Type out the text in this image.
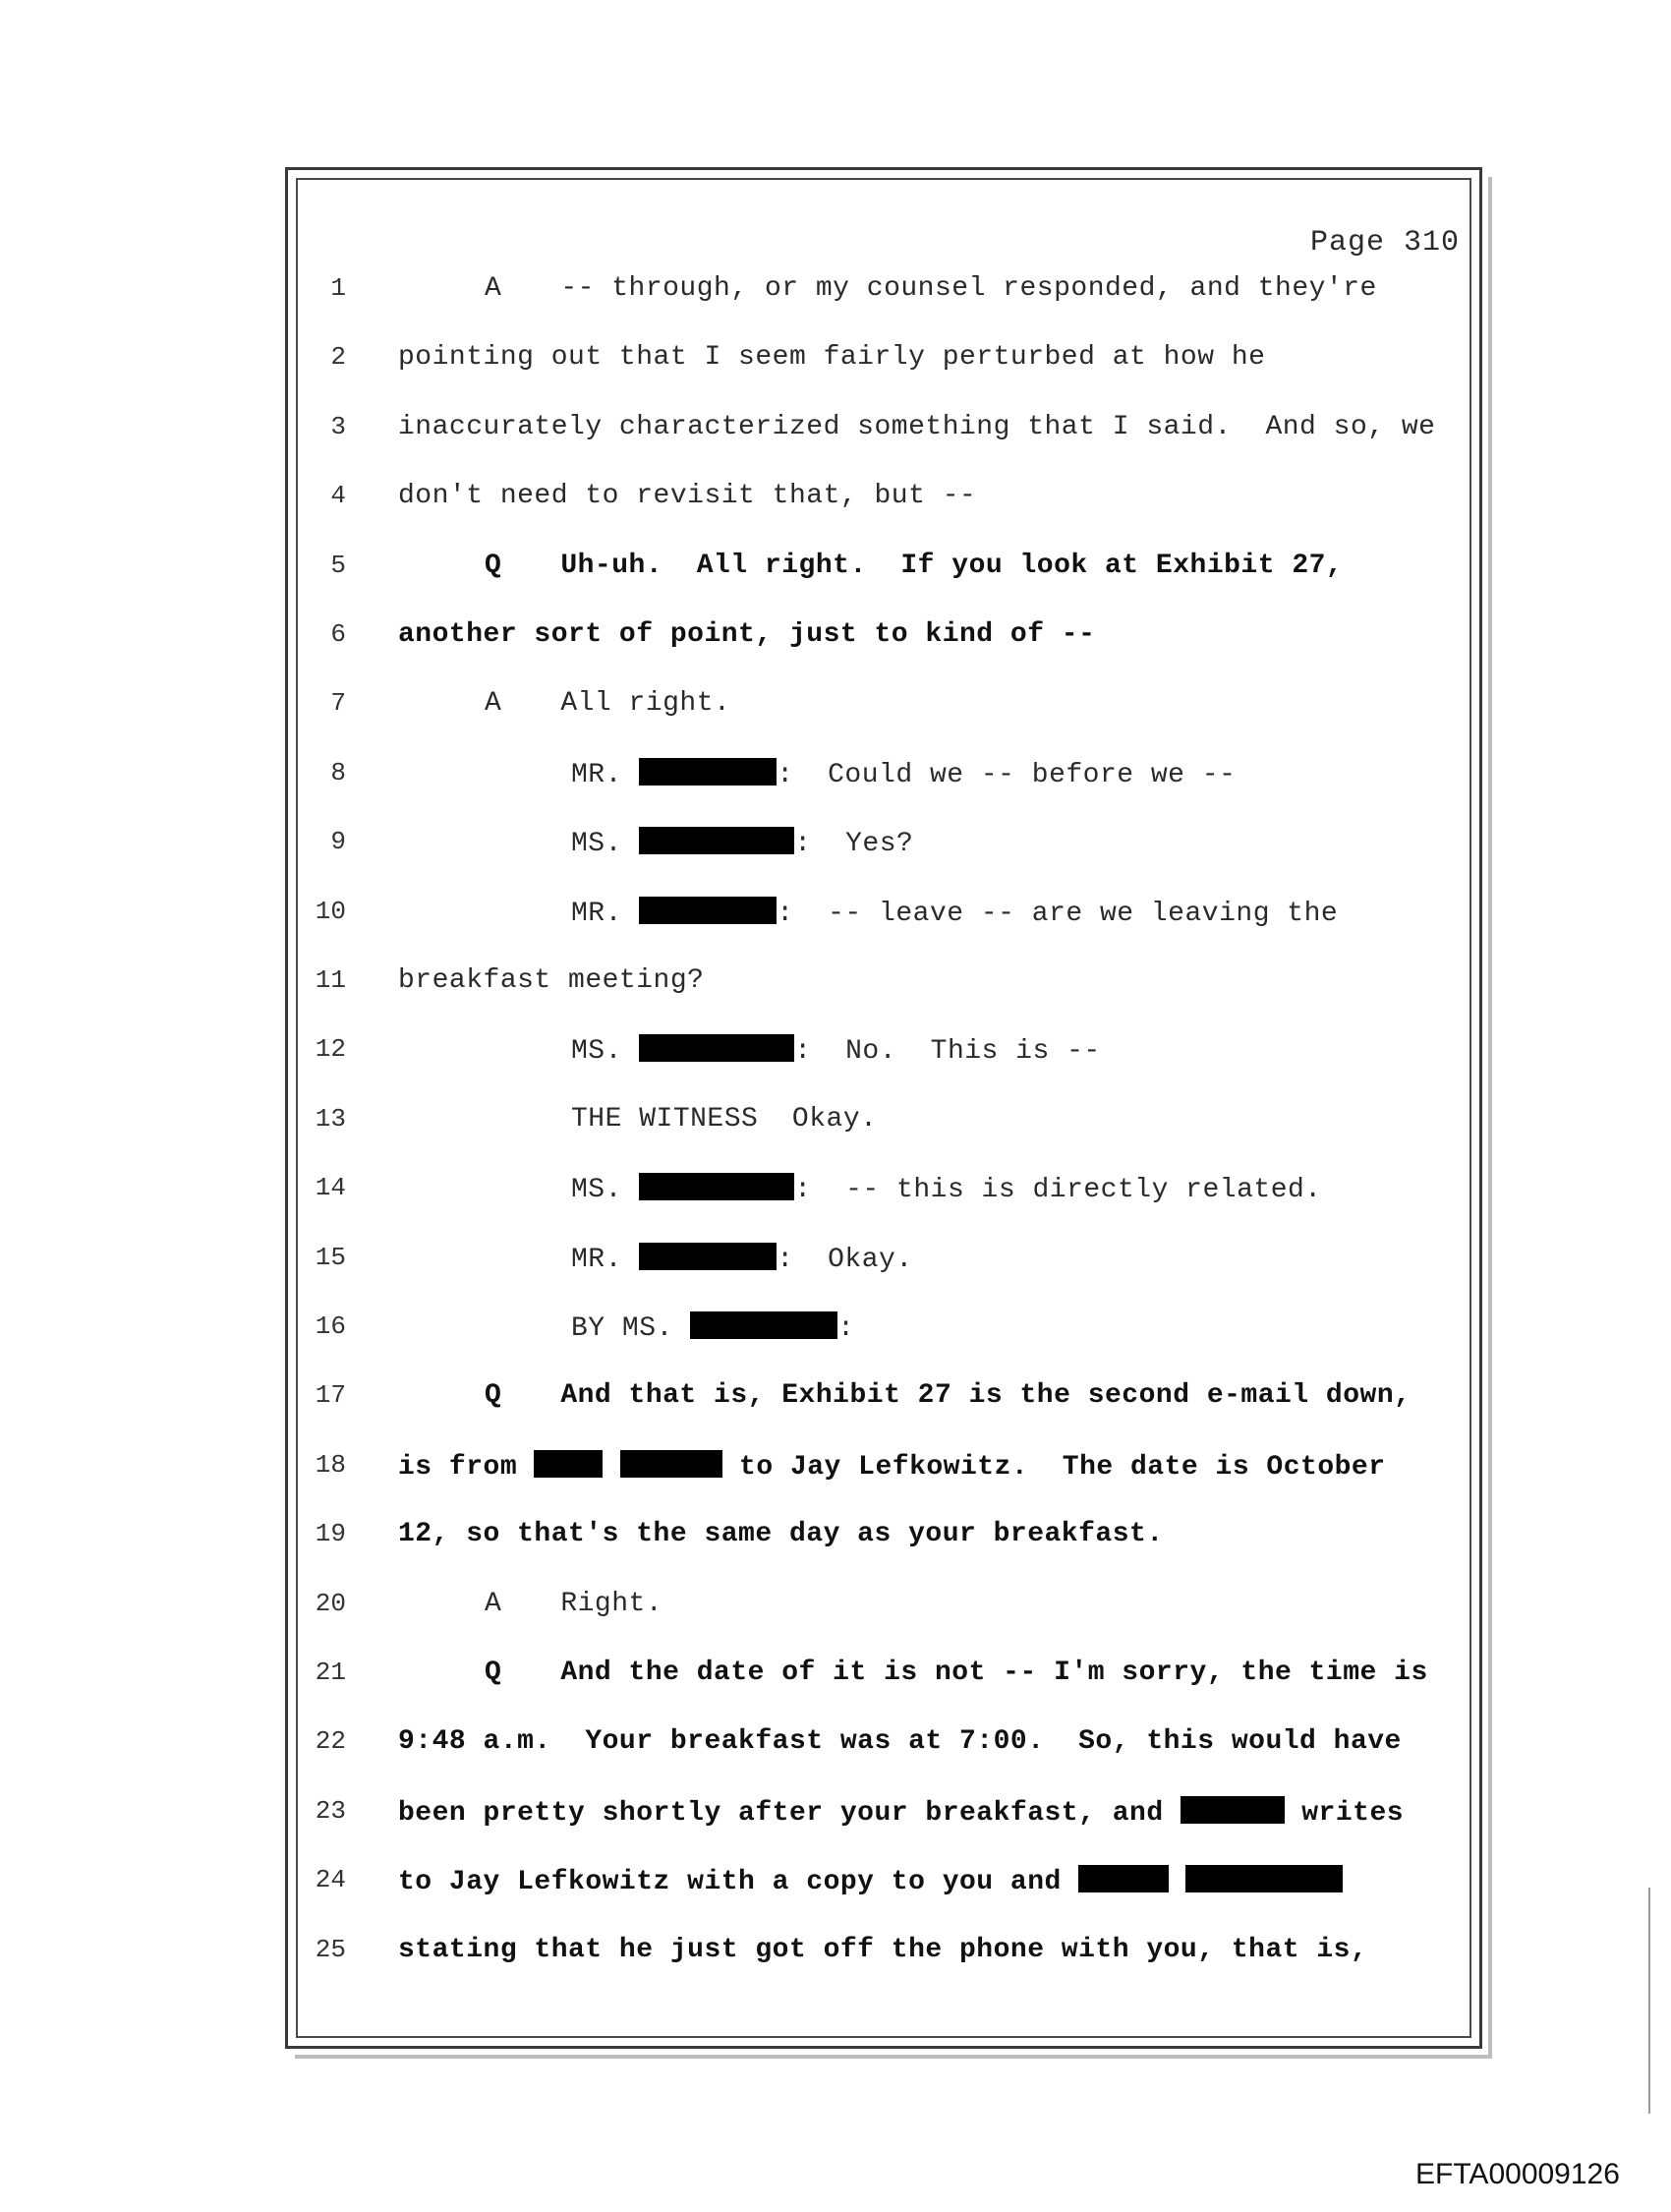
Page 310
1	A -- through, or my counsel responded, and they're
2 pointing out that I seem fairly perturbed at how he
3 inaccurately characterized something that I said.  And so, we
4 don't need to revisit that, but --
5	Q Uh-uh.  All right.  If you look at Exhibit 27,
6 another sort of point, just to kind of --
7	A All right.
8	MR.	:  Could we -- before we --
9	MS.	:  Yes?
10	MR.	:  -- leave -- are we leaving the
11 breakfast meeting?
12	MS.	:  No.  This is --
13	THE WITNESS  Okay.
14	MS.	:  -- this is directly related.
15	MR.	:  Okay.
16	BY MS.	:
17	Q And that is, Exhibit 27 is the second e-mail down,
18 is from	to Jay Lefkowitz.  The date is October
19 12, so that's the same day as your breakfast.
20	A Right.
21	Q And the date of it is not -- I'm sorry, the time is
22 9:48 a.m.  Your breakfast was at 7:00.  So, this would have
23 been pretty shortly after your breakfast, and	writes
24 to Jay Lefkowitz with a copy to you and
25 stating that he just got off the phone with you, that is,
EFTA00009126
